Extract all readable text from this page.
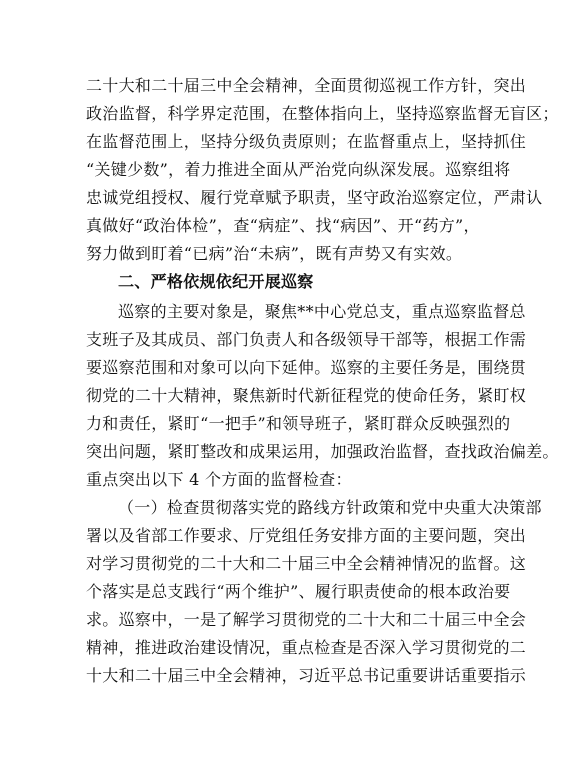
二十大和二十届三中全会精神，全面贯彻巡视工作方针，突出
政治监督，科学界定范围，在整体指向上，坚持巡察监督无盲区；
在监督范围上，坚持分级负责原则；在监督重点上，坚持抓住
“关键少数”，着力推进全面从严治党向纵深发展。巡察组将
忠诚党组授权、履行党章赋予职责，坚守政治巡察定位，严肃认
真做好“政治体检”，查“病症”、找“病因”、开“药方”，
努力做到盯着“已病”治“未病”，既有声势又有实效。
二、严格依规依纪开展巡察
巡察的主要对象是，聚焦**中心党总支，重点巡察监督总
支班子及其成员、部门负责人和各级领导干部等，根据工作需
要巡察范围和对象可以向下延伸。巡察的主要任务是，围绕贯
彻党的二十大精神，聚焦新时代新征程党的使命任务，紧盯权
力和责任，紧盯“一把手”和领导班子，紧盯群众反映强烈的
突出问题，紧盯整改和成果运用，加强政治监督，查找政治偏差。
重点突出以下 4 个方面的监督检查：
（一）检查贯彻落实党的路线方针政策和党中央重大决策部
署以及省部工作要求、厅党组任务安排方面的主要问题，突出
对学习贯彻党的二十大和二十届三中全会精神情况的监督。这
个落实是总支践行“两个维护”、履行职责使命的根本政治要
求。巡察中，一是了解学习贯彻党的二十大和二十届三中全会
精神，推进政治建设情况，重点检查是否深入学习贯彻党的二
十大和二十届三中全会精神，习近平总书记重要讲话重要指示
